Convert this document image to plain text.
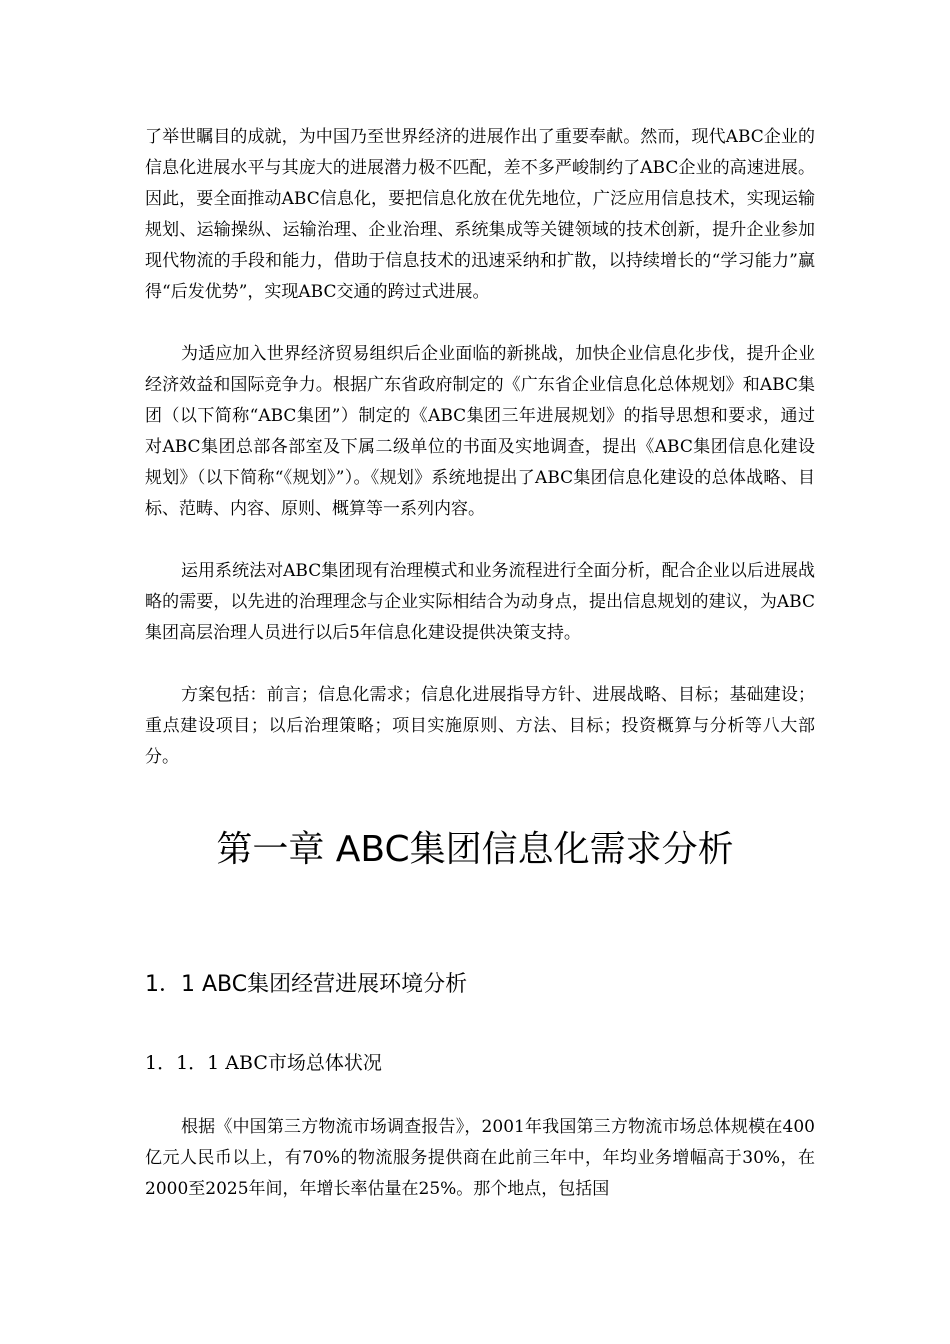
了举世瞩目的成就，为中国乃至世界经济的进展作出了重要奉献。然而，现代ABC企业的信息化进展水平与其庞大的进展潜力极不匹配，差不多严峻制约了ABC企业的高速进展。因此，要全面推动ABC信息化，要把信息化放在优先地位，广泛应用信息技术，实现运输规划、运输操纵、运输治理、企业治理、系统集成等关键领域的技术创新，提升企业参加现代物流的手段和能力，借助于信息技术的迅速采纳和扩散，以持续增长的“学习能力”赢得“后发优势”，实现ABC交通的跨过式进展。

为适应加入世界经济贸易组织后企业面临的新挑战，加快企业信息化步伐，提升企业经济效益和国际竞争力。根据广东省政府制定的《广东省企业信息化总体规划》和ABC集团（以下简称“ABC集团”）制定的《ABC集团三年进展规划》的指导思想和要求，通过对ABC集团总部各部室及下属二级单位的书面及实地调查，提出《ABC集团信息化建设规划》（以下简称“《规划》”）。《规划》系统地提出了ABC集团信息化建设的总体战略、目标、范畴、内容、原则、概算等一系列内容。

运用系统法对ABC集团现有治理模式和业务流程进行全面分析，配合企业以后进展战略的需要，以先进的治理理念与企业实际相结合为动身点，提出信息规划的建议，为ABC集团高层治理人员进行以后5年信息化建设提供决策支持。

方案包括：前言；信息化需求；信息化进展指导方针、进展战略、目标；基础建设；重点建设项目；以后治理策略；项目实施原则、方法、目标；投资概算与分析等八大部分。

第一章 ABC集团信息化需求分析
1．1 ABC集团经营进展环境分析
1．1．1 ABC市场总体状况

根据《中国第三方物流市场调查报告》，2001年我国第三方物流市场总体规模在400亿元人民币以上，有70%的物流服务提供商在此前三年中，年均业务增幅高于30%，在2000至2025年间，年增长率估量在25%。那个地点，包括国
